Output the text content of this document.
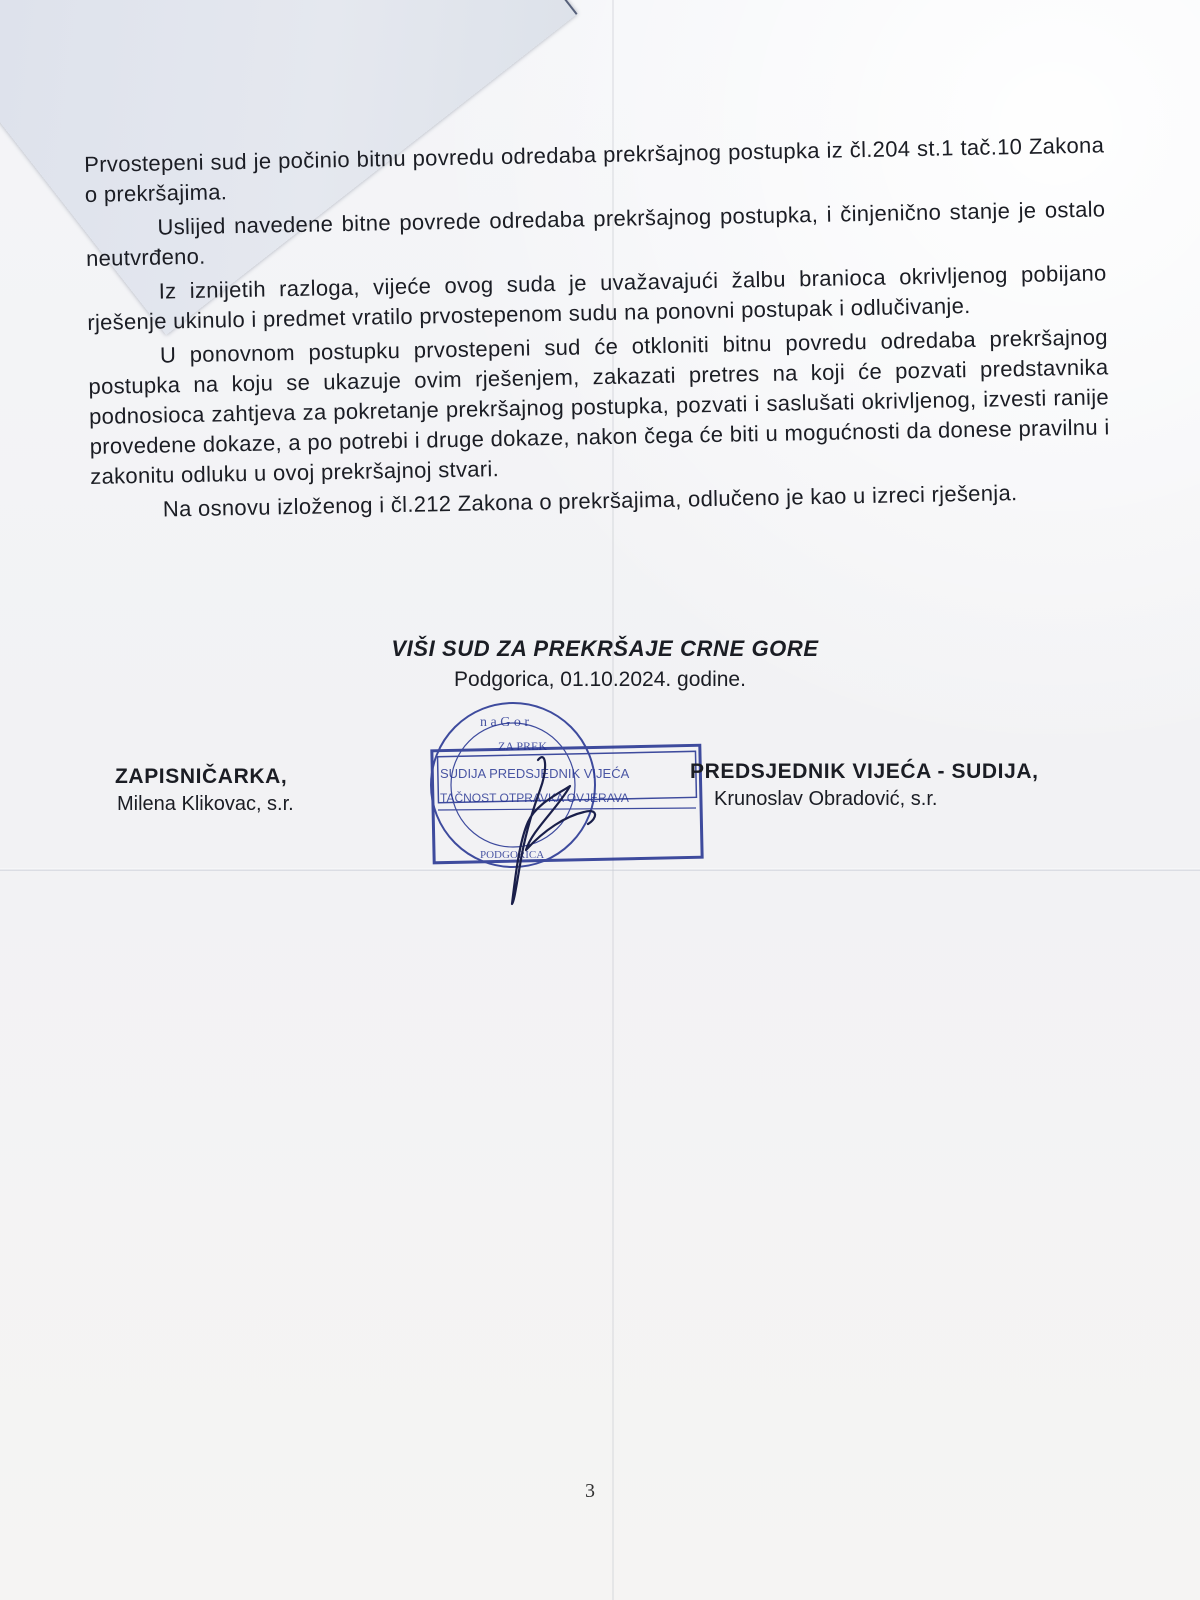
Prvostepeni sud je počinio bitnu povredu odredaba prekršajnog postupka iz čl.204 st.1 tač.10 Zakona o prekršajima.

Uslijed navedene bitne povrede odredaba prekršajnog postupka, i činjenično stanje je ostalo neutvrđeno.

Iz iznijetih razloga, vijeće ovog suda je uvažavajući žalbu branioca okrivljenog pobijano rješenje ukinulo i predmet vratilo prvostepenom sudu na ponovni postupak i odlučivanje.

U ponovnom postupku prvostepeni sud će otkloniti bitnu povredu odredaba prekršajnog postupka na koju se ukazuje ovim rješenjem, zakazati pretres na koji će pozvati predstavnika podnosioca zahtjeva za pokretanje prekršajnog postupka, pozvati i saslušati okrivljenog, izvesti ranije provedene dokaze, a po potrebi i druge dokaze, nakon čega će biti u mogućnosti da donese pravilnu i zakonitu odluku u ovoj prekršajnoj stvari.

Na osnovu izloženog i čl.212 Zakona o prekršajima, odlučeno je kao u izreci rješenja.

VIŠI SUD ZA PREKRŠAJE CRNE GORE
Podgorica, 01.10.2024. godine.
ZAPISNIČARKA,
Milena Klikovac, s.r.
n a G o r
ZA PREK
SUDIJA PREDSJEDNIK VIJEĆA
TAČNOST OTPRAVKA OVJERAVA
PODGORICA
PREDSJEDNIK VIJEĆA - SUDIJA,
Krunoslav Obradović, s.r.
3
